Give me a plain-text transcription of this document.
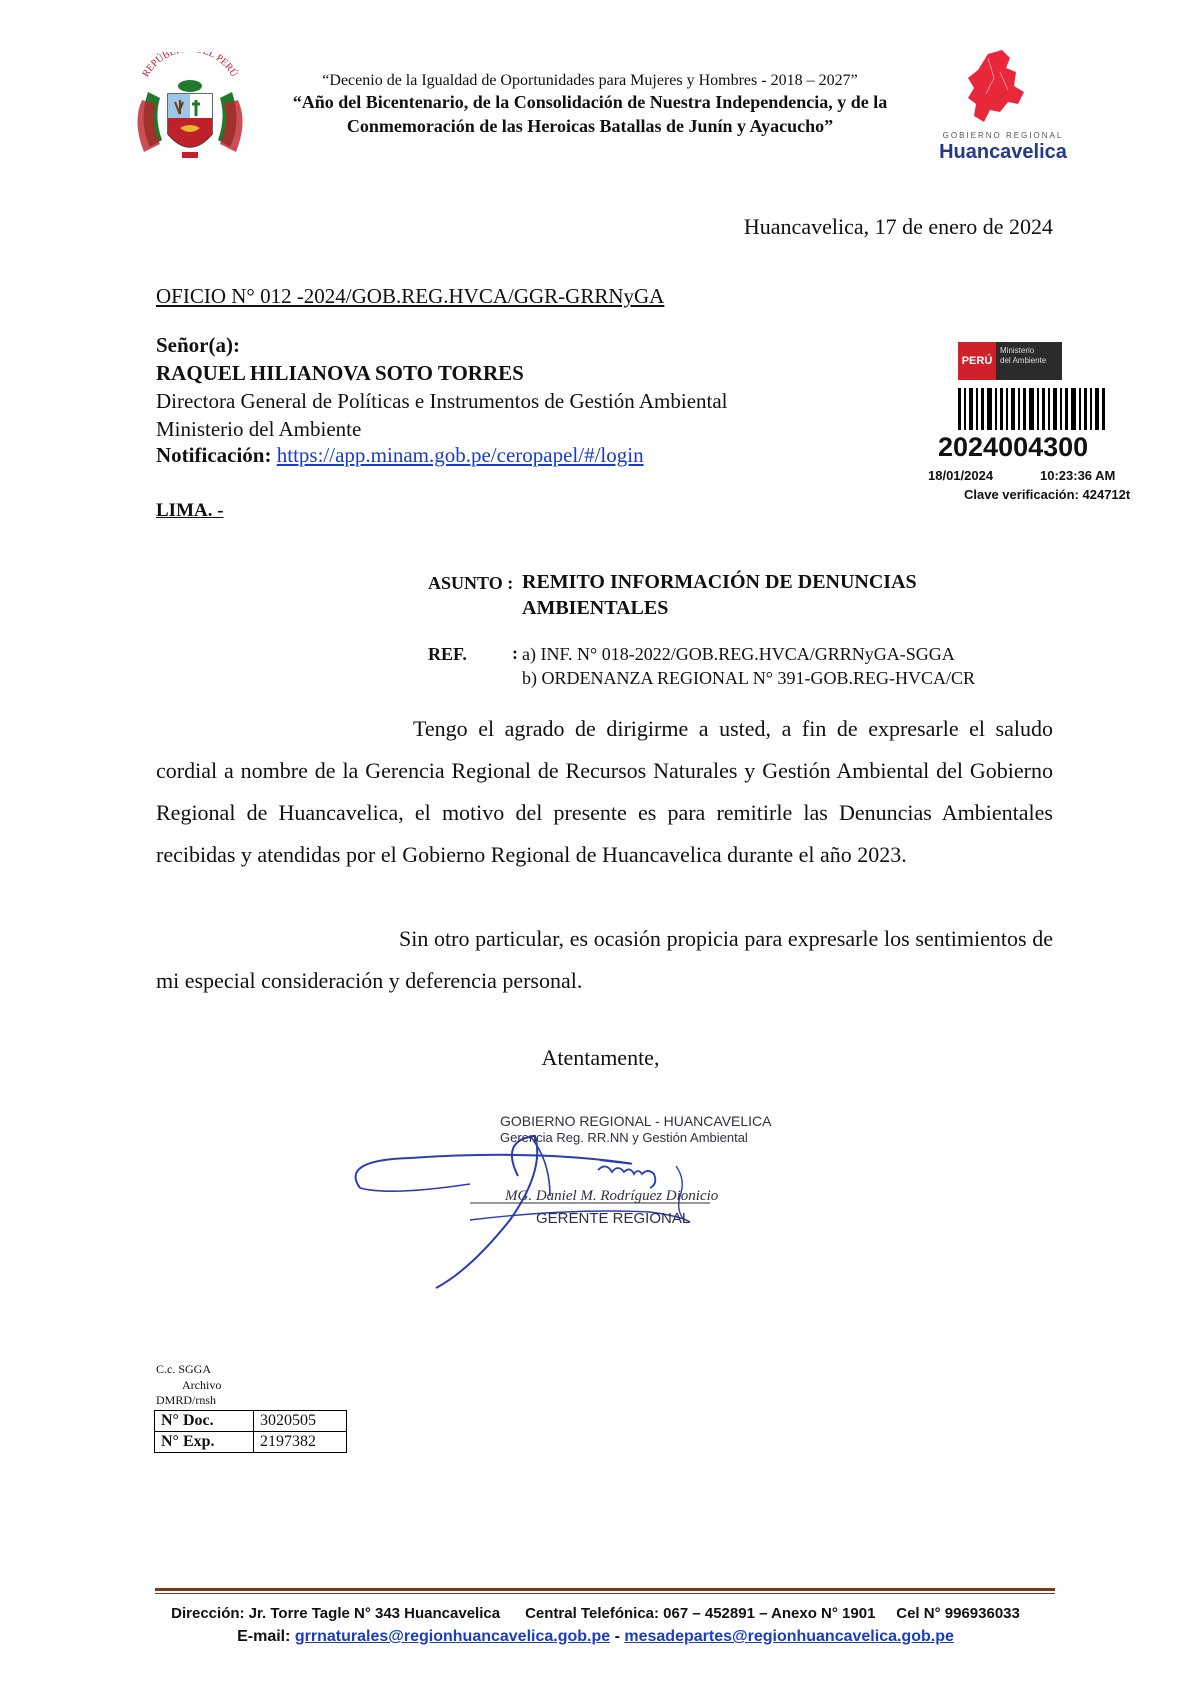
REPÚBL L PERÚ	“Decenio de la Igualdad de Oportunidades para Mujeres y Hombres - 2018 – 2027”
“Año del Bicentenario, de la Consolidación de Nuestra Independencia, y de la
Conmemoración de las Heroicas Batallas de Junín y Ayacucho”	GOBIERNO REGIONAL
Huancavelica
Huancavelica, 17 de enero de 2024
OFICIO N° 012 -2024/GOB.REG.HVCA/GGR-GRRNyGA
Señor(a):
RAQUEL HILIANOVA SOTO TORRES
Directora General de Políticas e Instrumentos de Gestión Ambiental
Ministerio del Ambiente
Notificación: https://app.minam.gob.pe/ceropapel/#/login
LIMA. -
PERÚ
Ministerio
del Ambiente
2024004300
18/01/2024	10:23:36 AM
Clave verificación: 424712t
ASUNTO : REMITO INFORMACIÓN DE DENUNCIAS
AMBIENTALES
REF.	: a) INF. N° 018-2022/GOB.REG.HVCA/GRRNyGA-SGGA
b) ORDENANZA REGIONAL N° 391-GOB.REG-HVCA/CR
Tengo el agrado de dirigirme a usted, a fin de expresarle el saludo cordial a nombre de la Gerencia Regional de Recursos Naturales y Gestión Ambiental del Gobierno Regional de Huancavelica, el motivo del presente es para remitirle las Denuncias Ambientales recibidas y atendidas por el Gobierno Regional de Huancavelica durante el año 2023.
Sin otro particular, es ocasión propicia para expresarle los sentimientos de mi especial consideración y deferencia personal.
Atentamente,
GOBIERNO REGIONAL - HUANCAVELICA
Gerencia Reg. RR.NN y Gestión Ambiental
MG. Daniel M. Rodríguez Dionicio
GERENTE REGIONAL
C.c. SGGA
Archivo
DMRD/rnsh
N° Doc.	3020505
N° Exp.	2197382
Dirección: Jr. Torre Tagle N° 343 Huancavelica      Central Telefónica: 067 – 452891 – Anexo N° 1901     Cel N° 996936033
E-mail: grrnaturales@regionhuancavelica.gob.pe - mesadepartes@regionhuancavelica.gob.pe
